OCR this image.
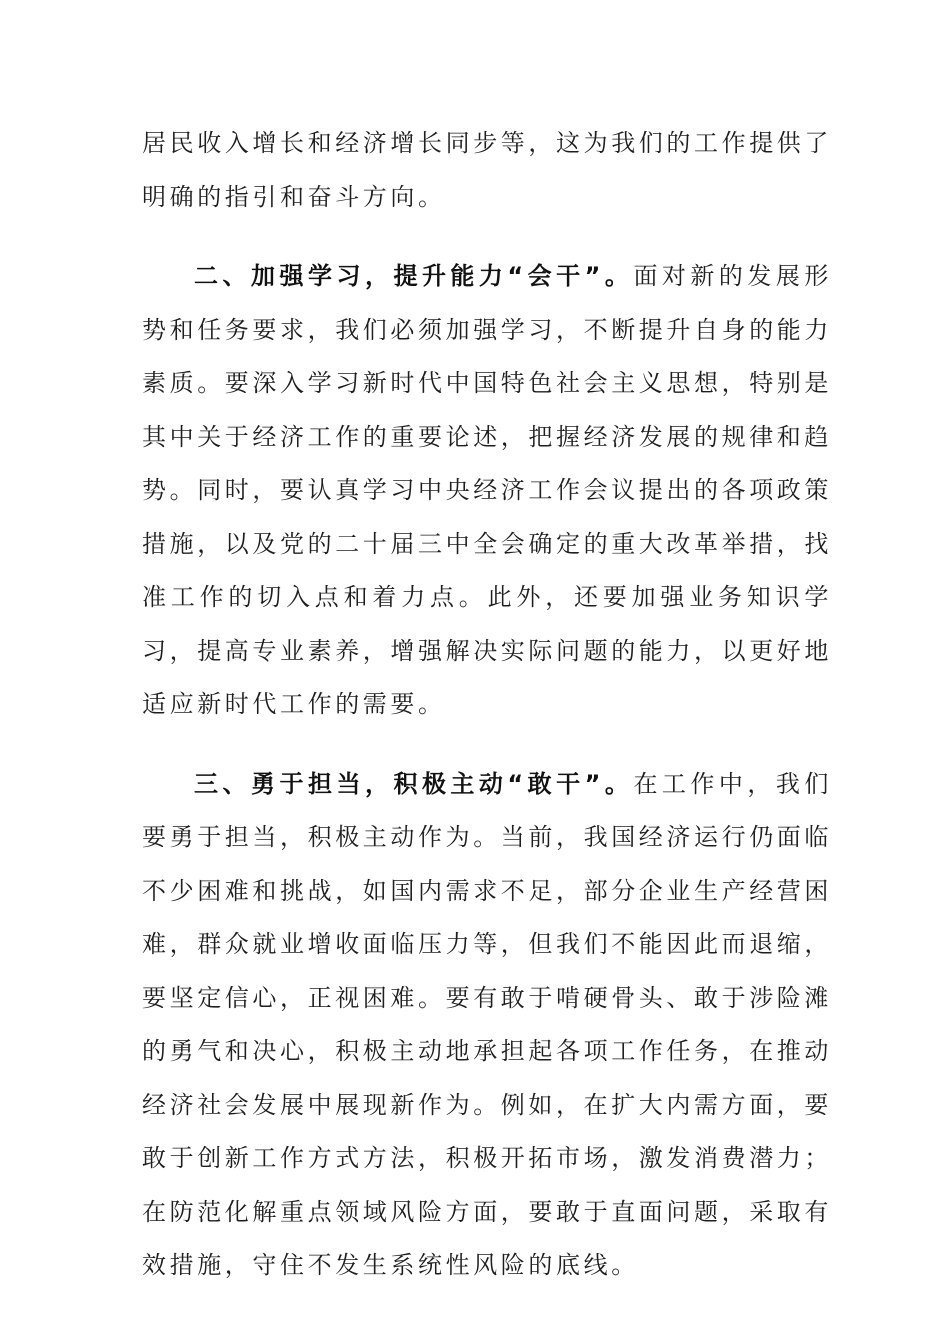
居民收入增长和经济增长同步等，这为我们的工作提供了明确的指引和奋斗方向。

二、加强学习，提升能力“会干”。面对新的发展形势和任务要求，我们必须加强学习，不断提升自身的能力素质。要深入学习新时代中国特色社会主义思想，特别是其中关于经济工作的重要论述，把握经济发展的规律和趋势。同时，要认真学习中央经济工作会议提出的各项政策措施，以及党的二十届三中全会确定的重大改革举措，找准工作的切入点和着力点。此外，还要加强业务知识学习，提高专业素养，增强解决实际问题的能力，以更好地适应新时代工作的需要。

三、勇于担当，积极主动“敢干”。在工作中，我们要勇于担当，积极主动作为。当前，我国经济运行仍面临不少困难和挑战，如国内需求不足，部分企业生产经营困难，群众就业增收面临压力等，但我们不能因此而退缩，要坚定信心，正视困难。要有敢于啃硬骨头、敢于涉险滩的勇气和决心，积极主动地承担起各项工作任务，在推动经济社会发展中展现新作为。例如，在扩大内需方面，要敢于创新工作方式方法，积极开拓市场，激发消费潜力；在防范化解重点领域风险方面，要敢于直面问题，采取有效措施，守住不发生系统性风险的底线。
